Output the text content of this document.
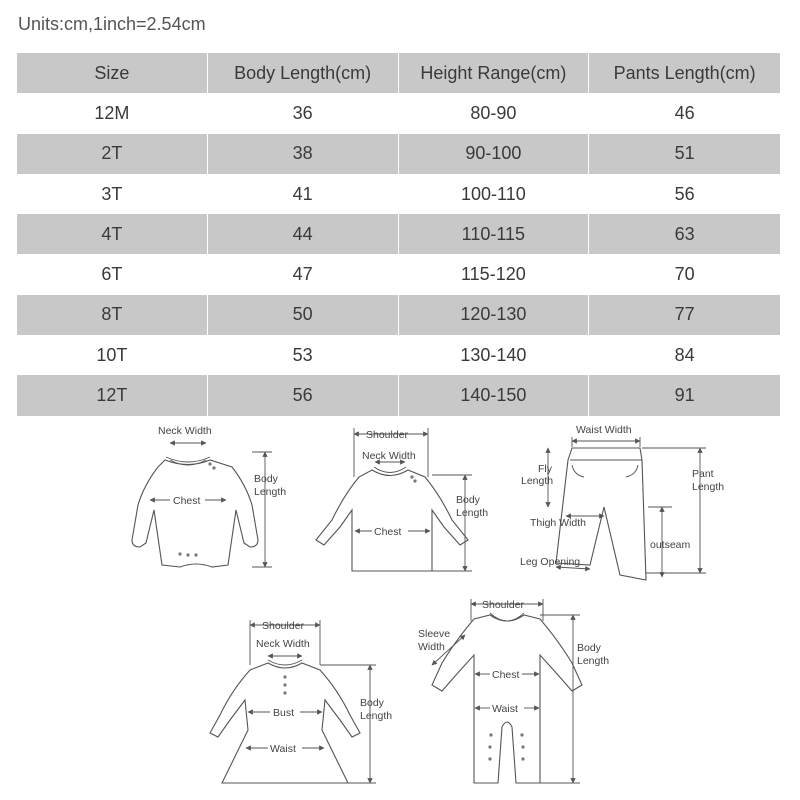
Units:cm,1inch=2.54cm
Size	Body Length(cm)	Height Range(cm)	Pants Length(cm)
12M	36	80-90	46
2T	38	90-100	51
3T	41	100-110	56
4T	44	110-115	63
6T	47	115-120	70
8T	50	120-130	77
10T	53	130-140	84
12T	56	140-150	91
Neck Width
Chest
Body
Length
Shoulder
Neck Width
Chest
Body
Length
Waist Width
Fly
Length
Pant
Length
Thigh Width
outseam
Leg Opening
Shoulder
Neck Width
Bust
Waist
Body
Length
Shoulder
Sleeve
Width
Chest
Waist
Body
Length
